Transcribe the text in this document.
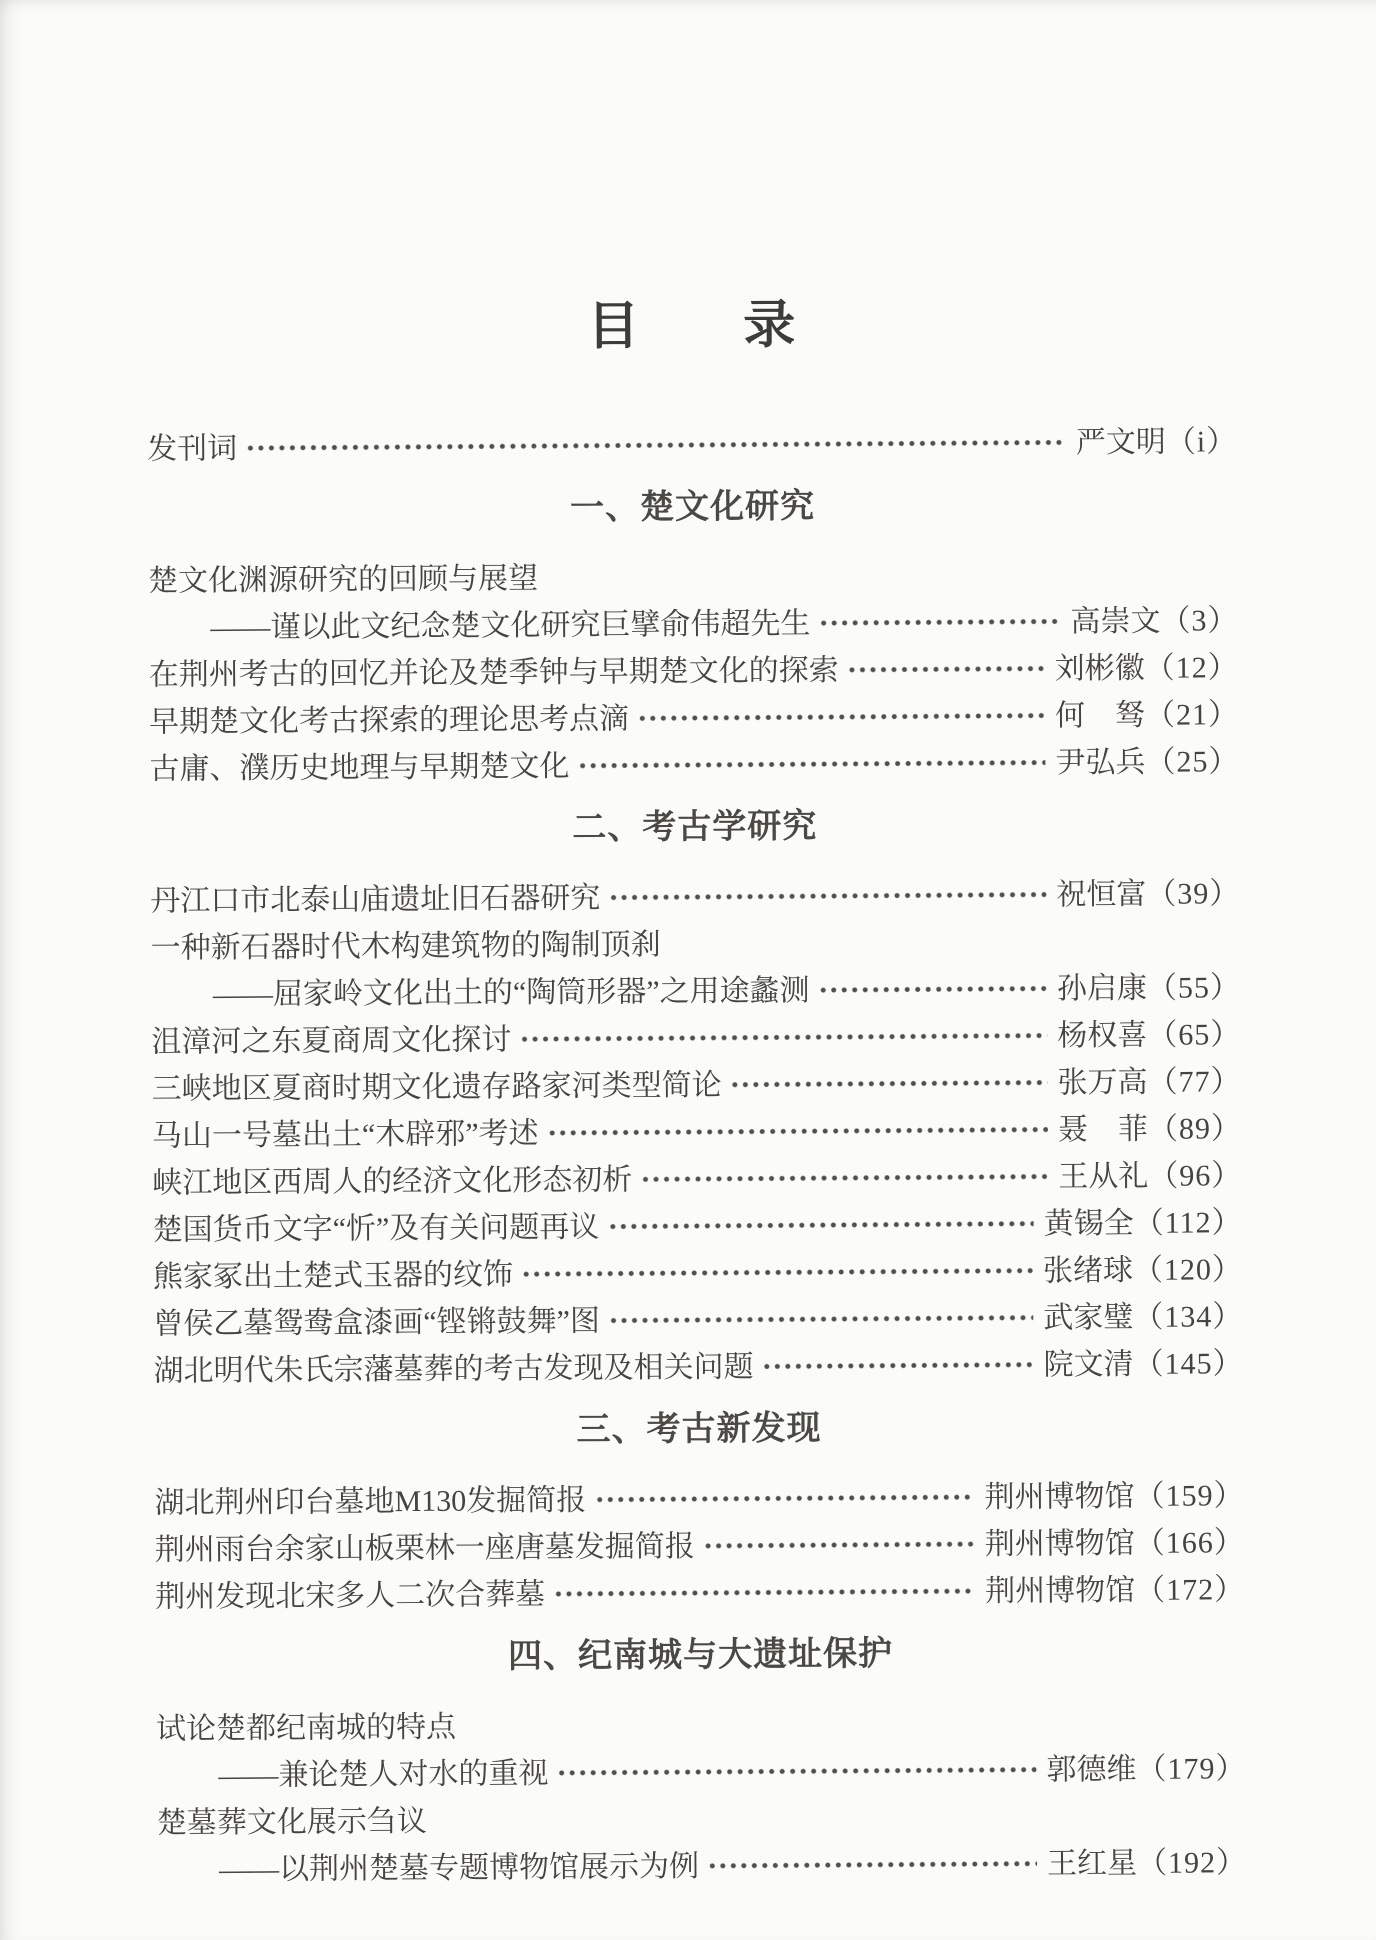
目　　录
发刊词	严文明（i）
一、楚文化研究
楚文化渊源研究的回顾与展望
——谨以此文纪念楚文化研究巨擘俞伟超先生	高崇文（3）
在荆州考古的回忆并论及楚季钟与早期楚文化的探索	刘彬徽（12）
早期楚文化考古探索的理论思考点滴	何　驽（21）
古庸、濮历史地理与早期楚文化	尹弘兵（25）
二、考古学研究
丹江口市北泰山庙遗址旧石器研究	祝恒富（39）
一种新石器时代木构建筑物的陶制顶刹
——屈家岭文化出土的“陶筒形器”之用途蠡测	孙启康（55）
沮漳河之东夏商周文化探讨	杨权喜（65）
三峡地区夏商时期文化遗存路家河类型简论	张万高（77）
马山一号墓出土“木辟邪”考述	聂　菲（89）
峡江地区西周人的经济文化形态初析	王从礼（96）
楚国货币文字“忻”及有关问题再议	黄锡全（112）
熊家冢出土楚式玉器的纹饰	张绪球（120）
曾侯乙墓鸳鸯盒漆画“铿锵鼓舞”图	武家璧（134）
湖北明代朱氏宗藩墓葬的考古发现及相关问题	院文清（145）
三、考古新发现
湖北荆州印台墓地M130发掘简报	荆州博物馆（159）
荆州雨台余家山板栗林一座唐墓发掘简报	荆州博物馆（166）
荆州发现北宋多人二次合葬墓	荆州博物馆（172）
四、纪南城与大遗址保护
试论楚都纪南城的特点
——兼论楚人对水的重视	郭德维（179）
楚墓葬文化展示刍议
——以荆州楚墓专题博物馆展示为例	王红星（192）
